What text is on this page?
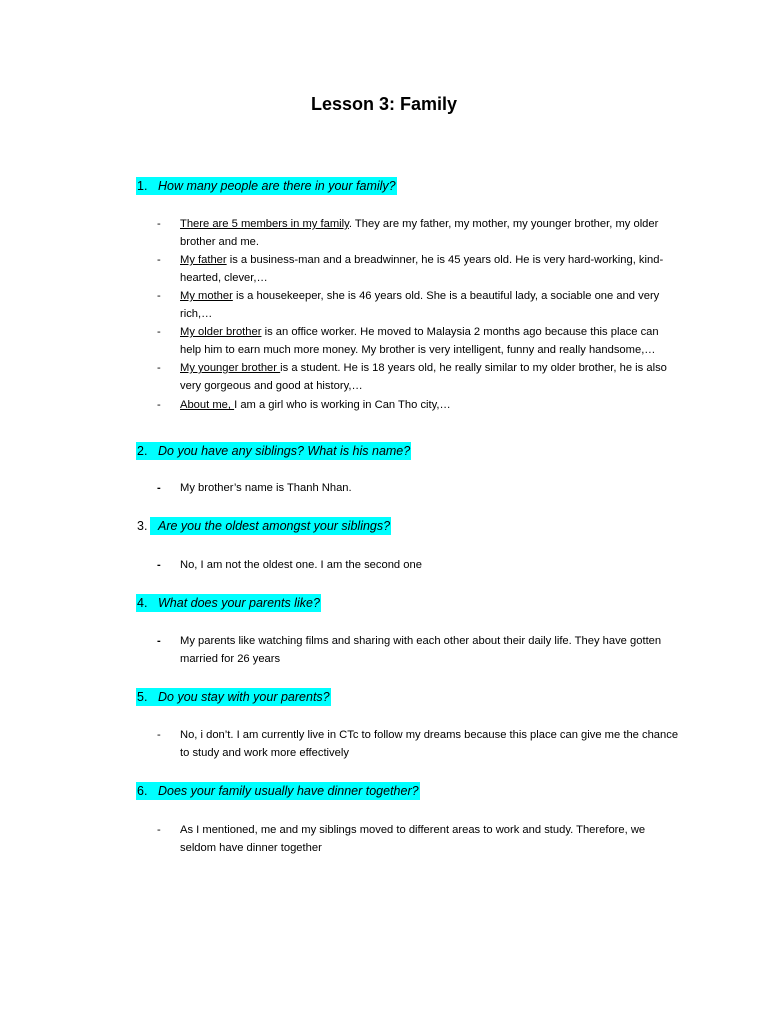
Lesson 3: Family
1. How many people are there in your family?
- There are 5 members in my family. They are my father, my mother, my younger brother, my older brother and me.
- My father is a business-man and a breadwinner, he is 45 years old. He is very hard-working, kind-hearted, clever,…
- My mother is a housekeeper, she is 46 years old. She is a beautiful lady, a sociable one and very rich,…
- My older brother is an office worker. He moved to Malaysia 2 months ago because this place can help him to earn much more money. My brother is very intelligent, funny and really handsome,…
- My younger brother is a student. He is 18 years old, he really similar to my older brother, he is also very gorgeous and good at history,…
- About me, I am a girl who is working in Can Tho city,…
2. Do you have any siblings? What is his name?
- My brother’s name is Thanh Nhan.
3. Are you the oldest amongst your siblings?
- No, I am not the oldest one. I am the second one
4. What does your parents like?
- My parents like watching films and sharing with each other about their daily life. They have gotten married for 26 years
5. Do you stay with your parents?
- No, i don’t. I am currently live in CTc to follow my dreams because this place can give me the chance to study and work more effectively
6. Does your family usually have dinner together?
- As I mentioned, me and my siblings moved to different areas to work and study. Therefore, we seldom have dinner together
